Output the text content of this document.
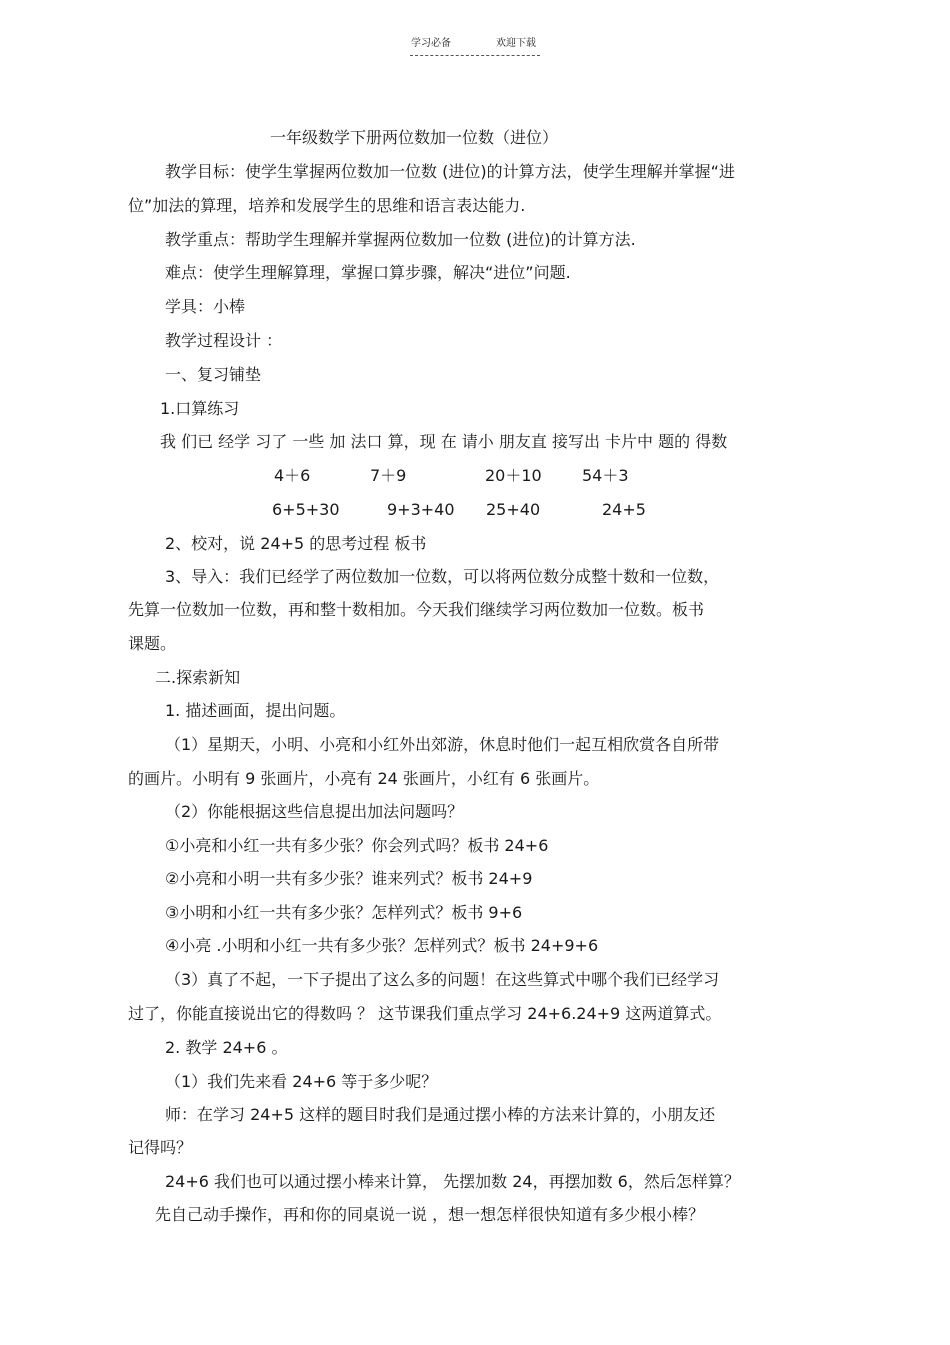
学习必备	欢迎下载
一年级数学下册两位数加一位数（进位）
教学目标：使学生掌握两位数加一位数 (进位)的计算方法，使学生理解并掌握“进
位”加法的算理，培养和发展学生的思维和语言表达能力.
教学重点：帮助学生理解并掌握两位数加一位数 (进位)的计算方法.
难点：使学生理解算理，掌握口算步骤，解决“进位”问题.
学具：小棒
教学过程设计 ：
一、复习铺垫
1.口算练习
我 们已 经学 习了 一些 加 法口 算，现 在 请小 朋友直 接写出 卡片中 题的 得数
4＋6	7＋9	20＋10	54＋3
6+5+30	9+3+40 25+40	24+5
2、校对，说 24+5 的思考过程 板书
3、导入：我们已经学了两位数加一位数，可以将两位数分成整十数和一位数，
先算一位数加一位数，再和整十数相加。今天我们继续学习两位数加一位数。板书
课题。
二.探索新知
1. 描述画面，提出问题。
（1）星期天，小明、小亮和小红外出郊游，休息时他们一起互相欣赏各自所带
的画片。小明有 9 张画片，小亮有 24 张画片，小红有 6 张画片。
（2）你能根据这些信息提出加法问题吗？
①小亮和小红一共有多少张？你会列式吗？板书 24+6
②小亮和小明一共有多少张？谁来列式？板书 24+9
③小明和小红一共有多少张？怎样列式？板书 9+6
④小亮 .小明和小红一共有多少张？怎样列式？板书 24+9+6
（3）真了不起，一下子提出了这么多的问题！在这些算式中哪个我们已经学习
过了，你能直接说出它的得数吗 ？ 这节课我们重点学习 24+6.24+9 这两道算式。
2. 教学 24+6 。
（1）我们先来看 24+6 等于多少呢？
师：在学习 24+5 这样的题目时我们是通过摆小棒的方法来计算的，小朋友还
记得吗？
24+6 我们也可以通过摆小棒来计算， 先摆加数 24，再摆加数 6，然后怎样算？
先自己动手操作，再和你的同桌说一说 ，想一想怎样很快知道有多少根小棒？
